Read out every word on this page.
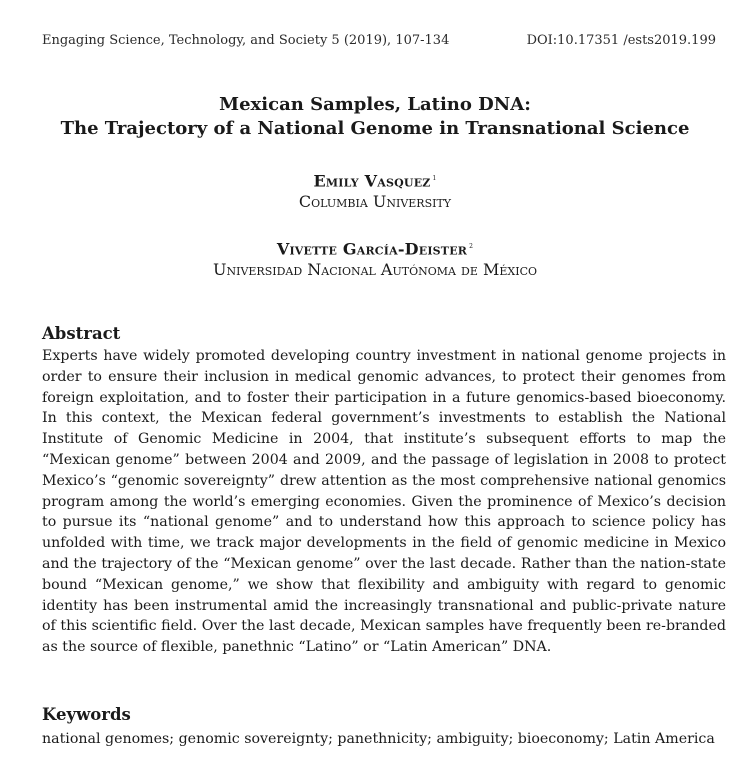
Engaging Science, Technology, and Society 5 (2019), 107-134	DOI:10.17351 /ests2019.199
Mexican Samples, Latino DNA:
The Trajectory of a National Genome in Transnational Science
Emily Vasquez $^1$
Columbia University
Vivette García-Deister $^2$
Universidad Nacional Autónoma de México
Abstract

Experts have widely promoted developing country investment in national genome projects in order to ensure their inclusion in medical genomic advances, to protect their genomes from foreign exploitation, and to foster their participation in a future genomics-based bioeconomy. In this context, the Mexican federal government’s investments to establish the National Institute of Genomic Medicine in 2004, that institute’s subsequent efforts to map the “Mexican genome” between 2004 and 2009, and the passage of legislation in 2008 to protect Mexico’s “genomic sovereignty” drew attention as the most comprehensive national genomics program among the world’s emerging economies. Given the prominence of Mexico’s decision to pursue its “national genome” and to understand how this approach to science policy has unfolded with time, we track major developments in the field of genomic medicine in Mexico and the trajectory of the “Mexican genome” over the last decade. Rather than the nation-state bound “Mexican genome,” we show that flexibility and ambiguity with regard to genomic identity has been instrumental amid the increasingly transnational and public-private nature of this scientific field. Over the last decade, Mexican samples have frequently been re-branded as the source of flexible, panethnic “Latino” or “Latin American” DNA.

Keywords
national genomes; genomic sovereignty; panethnicity; ambiguity; bioeconomy; Latin America
